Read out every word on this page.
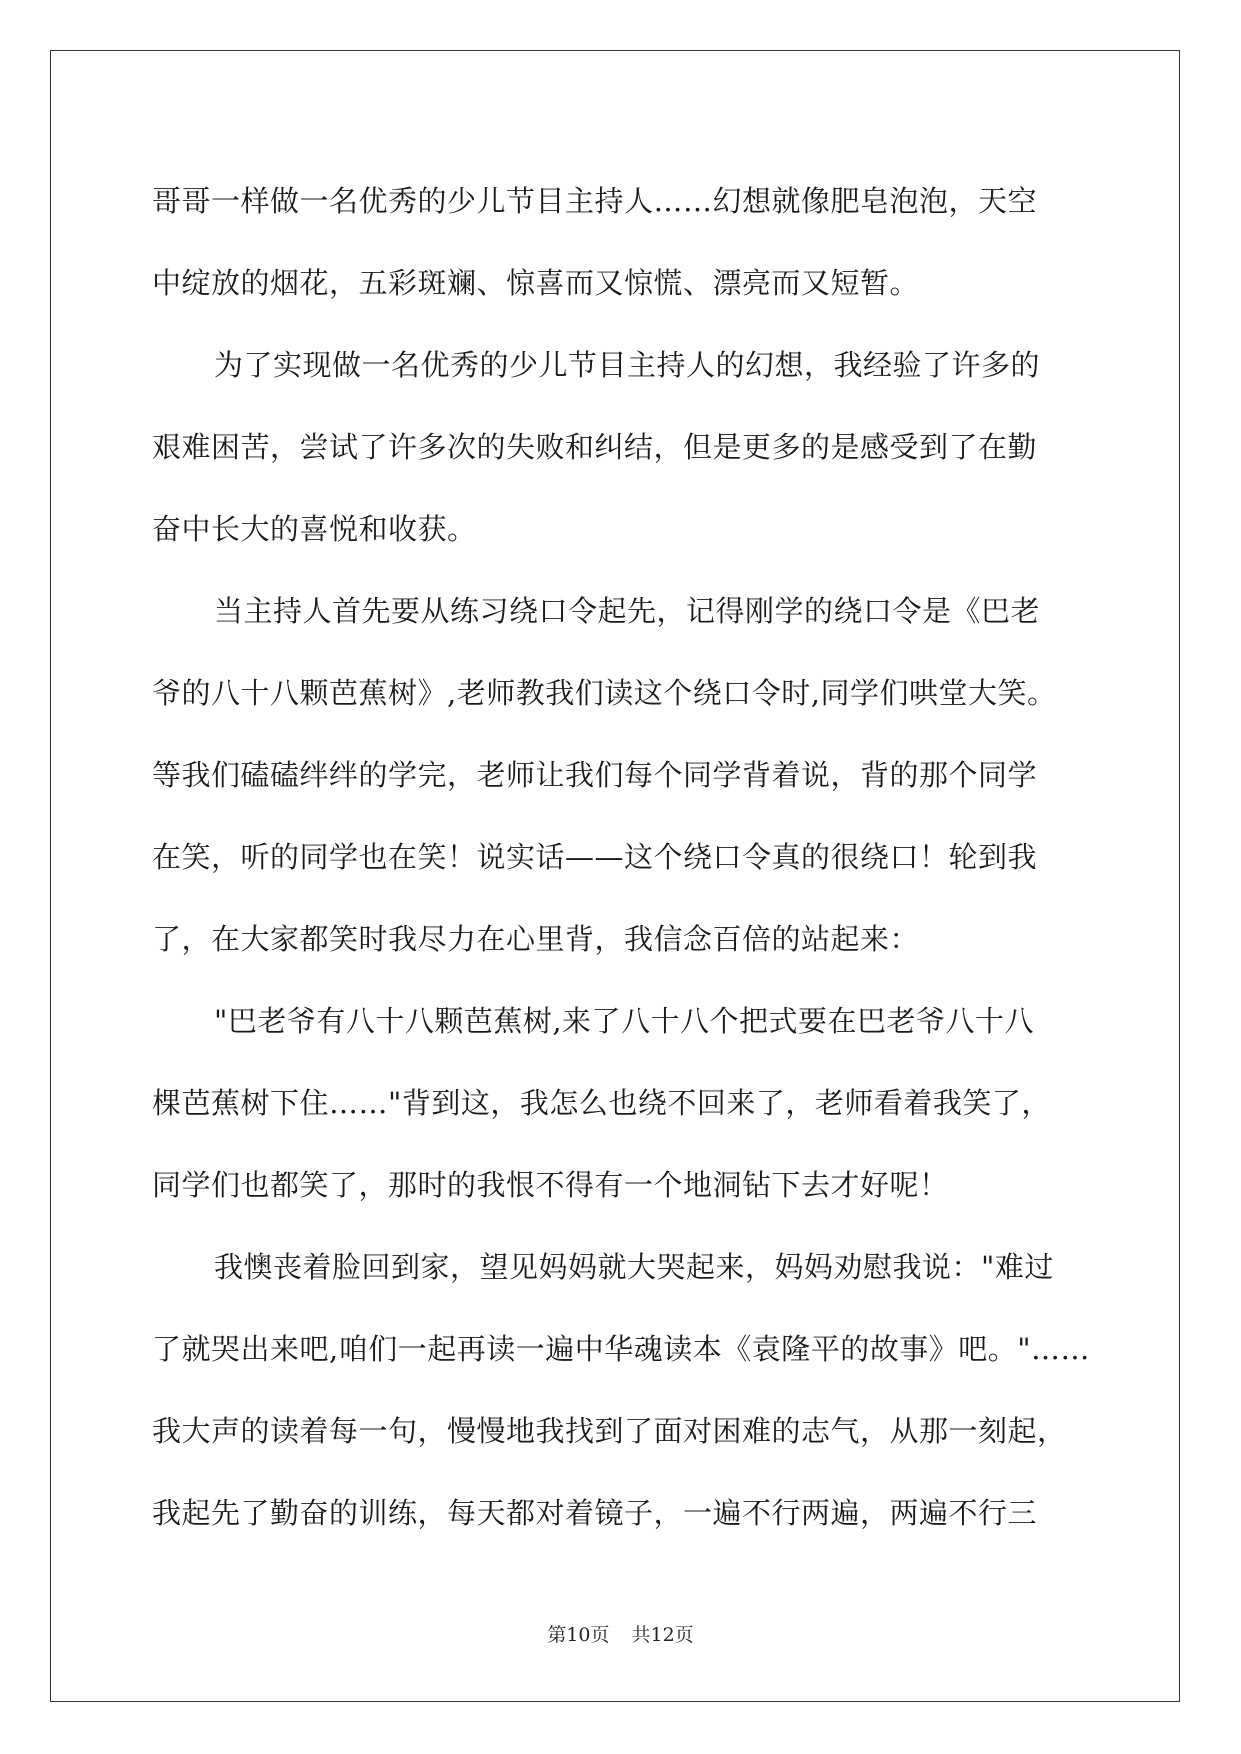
哥哥一样做一名优秀的少儿节目主持人……幻想就像肥皂泡泡，天空
中绽放的烟花，五彩斑斓、惊喜而又惊慌、漂亮而又短暂。
为了实现做一名优秀的少儿节目主持人的幻想，我经验了许多的
艰难困苦，尝试了许多次的失败和纠结，但是更多的是感受到了在勤
奋中长大的喜悦和收获。
当主持人首先要从练习绕口令起先，记得刚学的绕口令是《巴老
爷的八十八颗芭蕉树》,老师教我们读这个绕口令时,同学们哄堂大笑。
等我们磕磕绊绊的学完，老师让我们每个同学背着说，背的那个同学
在笑，听的同学也在笑！说实话——这个绕口令真的很绕口！轮到我
了，在大家都笑时我尽力在心里背，我信念百倍的站起来：
"巴老爷有八十八颗芭蕉树,来了八十八个把式要在巴老爷八十八
棵芭蕉树下住……"背到这，我怎么也绕不回来了，老师看着我笑了，
同学们也都笑了，那时的我恨不得有一个地洞钻下去才好呢！
我懊丧着脸回到家，望见妈妈就大哭起来，妈妈劝慰我说："难过
了就哭出来吧,咱们一起再读一遍中华魂读本《袁隆平的故事》吧。"……
我大声的读着每一句，慢慢地我找到了面对困难的志气，从那一刻起，
我起先了勤奋的训练，每天都对着镜子，一遍不行两遍，两遍不行三
第10页 共12页
